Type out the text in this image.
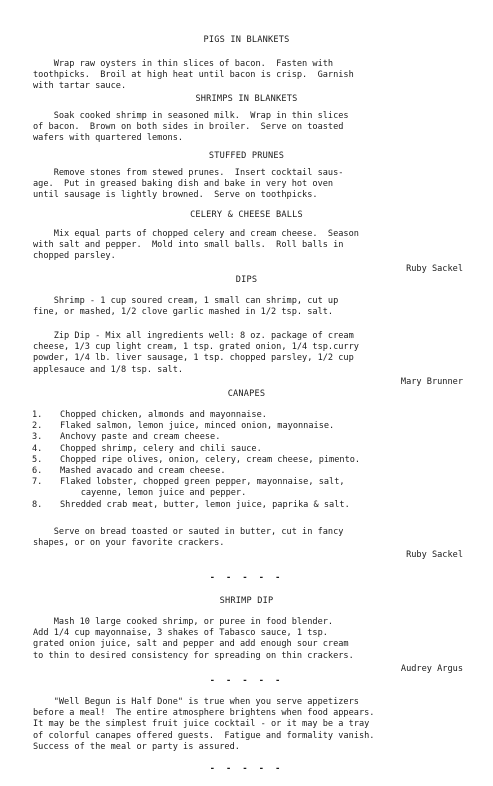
PIGS IN BLANKETS
Wrap raw oysters in thin slices of bacon.  Fasten with
toothpicks.  Broil at high heat until bacon is crisp.  Garnish
with tartar sauce.
SHRIMPS IN BLANKETS
Soak cooked shrimp in seasoned milk.  Wrap in thin slices
of bacon.  Brown on both sides in broiler.  Serve on toasted
wafers with quartered lemons.
STUFFED PRUNES
Remove stones from stewed prunes.  Insert cocktail saus-
age.  Put in greased baking dish and bake in very hot oven
until sausage is lightly browned.  Serve on toothpicks.
CELERY & CHEESE BALLS
Mix equal parts of chopped celery and cream cheese.  Season
with salt and pepper.  Mold into small balls.  Roll balls in
chopped parsley.
Ruby Sackel
DIPS
Shrimp - 1 cup soured cream, 1 small can shrimp, cut up
fine, or mashed, 1/2 clove garlic mashed in 1/2 tsp. salt.
Zip Dip - Mix all ingredients well: 8 oz. package of cream
cheese, 1/3 cup light cream, 1 tsp. grated onion, 1/4 tsp.curry
powder, 1/4 lb. liver sausage, 1 tsp. chopped parsley, 1/2 cup
applesauce and 1/8 tsp. salt.
Mary Brunner
CANAPES
1. Chopped chicken, almonds and mayonnaise.
2. Flaked salmon, lemon juice, minced onion, mayonnaise.
3. Anchovy paste and cream cheese.
4. Chopped shrimp, celery and chili sauce.
5. Chopped ripe olives, onion, celery, cream cheese, pimento.
6. Mashed avacado and cream cheese.
7. Flaked lobster, chopped green pepper, mayonnaise, salt,
cayenne, lemon juice and pepper.
8. Shredded crab meat, butter, lemon juice, paprika & salt.
Serve on bread toasted or sauted in butter, cut in fancy
shapes, or on your favorite crackers.
Ruby Sackel
- - - - -
SHRIMP DIP
Mash 10 large cooked shrimp, or puree in food blender.
Add 1/4 cup mayonnaise, 3 shakes of Tabasco sauce, 1 tsp.
grated onion juice, salt and pepper and add enough sour cream
to thin to desired consistency for spreading on thin crackers.
Audrey Argus
- - - - -
"Well Begun is Half Done" is true when you serve appetizers
before a meal!  The entire atmosphere brightens when food appears.
It may be the simplest fruit juice cocktail - or it may be a tray
of colorful canapes offered guests.  Fatigue and formality vanish.
Success of the meal or party is assured.
- - - - -
